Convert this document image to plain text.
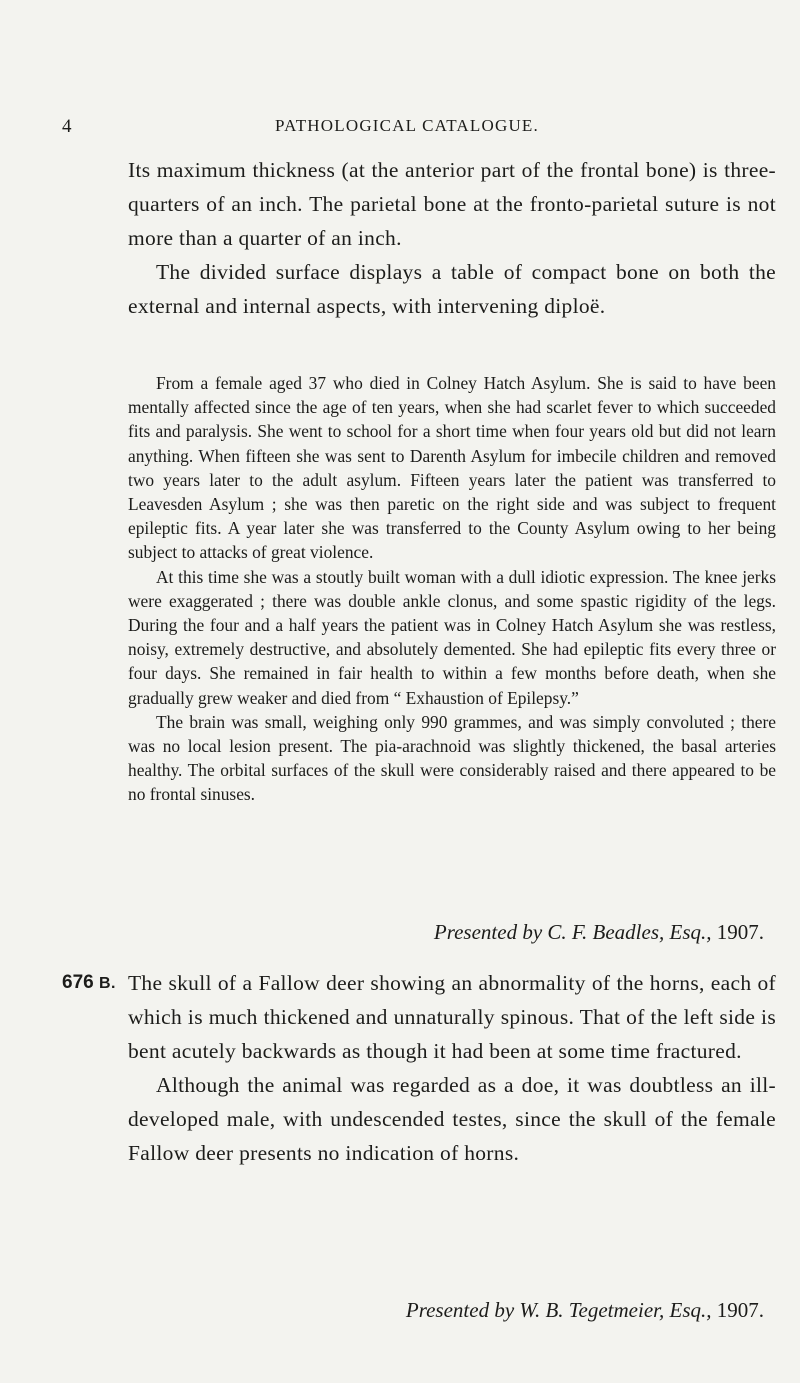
4	PATHOLOGICAL CATALOGUE.

Its maximum thickness (at the anterior part of the frontal bone) is three-quarters of an inch. The parietal bone at the fronto-parietal suture is not more than a quarter of an inch.

The divided surface displays a table of compact bone on both the external and internal aspects, with intervening diploë.

From a female aged 37 who died in Colney Hatch Asylum. She is said to have been mentally affected since the age of ten years, when she had scarlet fever to which succeeded fits and paralysis. She went to school for a short time when four years old but did not learn anything. When fifteen she was sent to Darenth Asylum for imbecile children and removed two years later to the adult asylum. Fifteen years later the patient was transferred to Leavesden Asylum ; she was then paretic on the right side and was subject to frequent epileptic fits. A year later she was transferred to the County Asylum owing to her being subject to attacks of great violence.

At this time she was a stoutly built woman with a dull idiotic expression. The knee jerks were exaggerated ; there was double ankle clonus, and some spastic rigidity of the legs. During the four and a half years the patient was in Colney Hatch Asylum she was restless, noisy, extremely destructive, and absolutely demented. She had epileptic fits every three or four days. She remained in fair health to within a few months before death, when she gradually grew weaker and died from “ Exhaustion of Epilepsy.”

The brain was small, weighing only 990 grammes, and was simply convoluted ; there was no local lesion present. The pia-arachnoid was slightly thickened, the basal arteries healthy. The orbital surfaces of the skull were considerably raised and there appeared to be no frontal sinuses.

Presented by C. F. Beadles, Esq., 1907.
676 B. The skull of a Fallow deer showing an abnormality of the horns, each of which is much thickened and unnaturally spinous. That of the left side is bent acutely backwards as though it had been at some time fractured.

Although the animal was regarded as a doe, it was doubtless an ill-developed male, with undescended testes, since the skull of the female Fallow deer presents no indication of horns.

Presented by W. B. Tegetmeier, Esq., 1907.
